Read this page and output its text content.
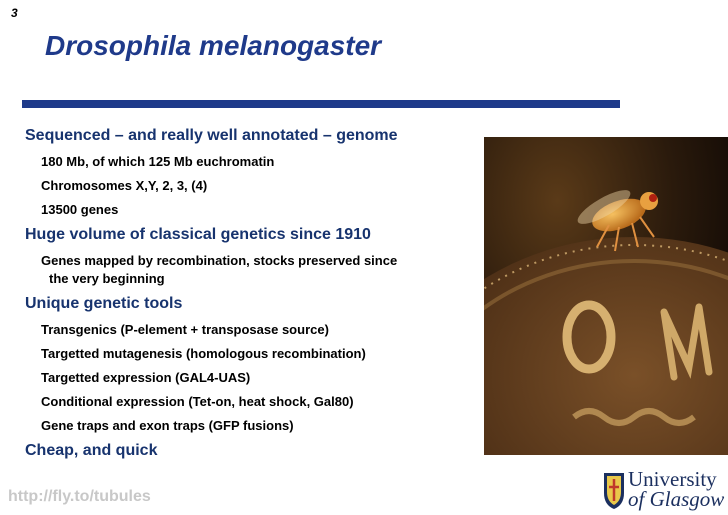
3
Drosophila melanogaster
Sequenced – and really well annotated – genome
180 Mb, of which 125 Mb euchromatin
Chromosomes X,Y, 2, 3, (4)
13500 genes
Huge volume of classical genetics since 1910
Genes mapped by recombination, stocks preserved since
the very beginning
Unique genetic tools
Transgenics (P-element + transposase source)
Targetted mutagenesis (homologous recombination)
Targetted expression (GAL4-UAS)
Conditional expression (Tet-on, heat shock, Gal80)
Gene traps and exon traps (GFP fusions)
Cheap, and quick
http://fly.to/tubules
University
of Glasgow
